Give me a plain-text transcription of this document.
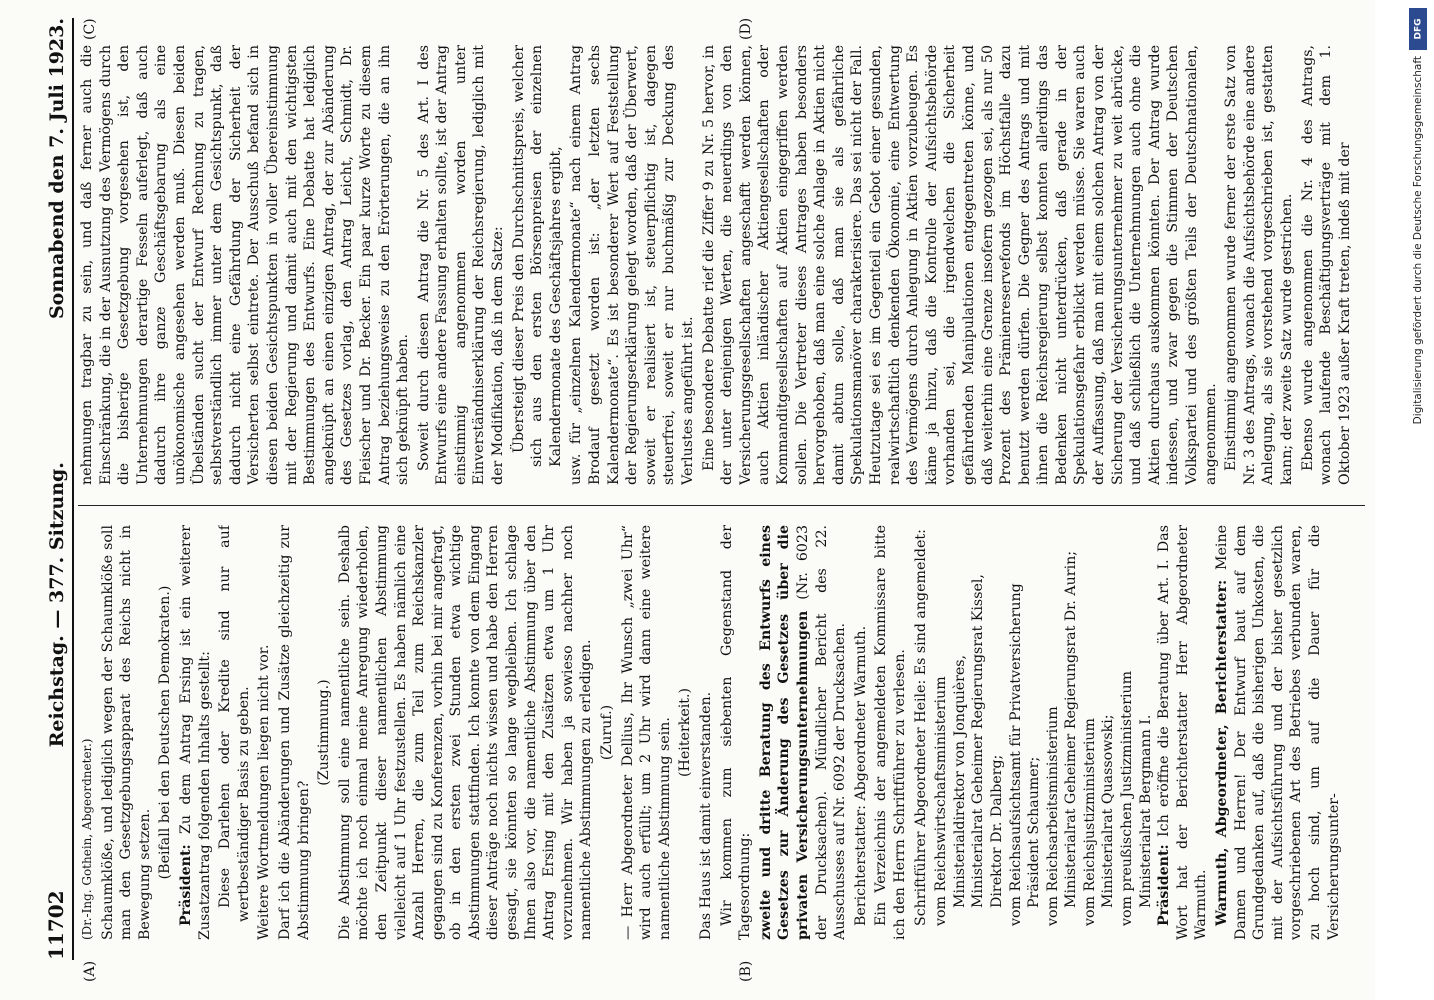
11702
Reichstag. — 377. Sitzung.
Sonnabend den 7. Juli 1923.
(A)	(B)
(C)	(D)

(Dr.-Ing. Gothein, Abgeordneter.) Schaumklöße, und lediglich wegen der Schaumklöße soll man den Gesetzgebungsapparat des Reichs nicht in Bewegung setzen. (Beifall bei den Deutschen Demokraten.)

Präsident: Zu dem Antrag Ersing ist ein weiterer Zusatzantrag folgenden Inhalts gestellt: Diese Darlehen oder Kredite sind nur auf wertbeständiger Basis zu geben. Weitere Wortmeldungen liegen nicht vor. Darf ich die Abänderungen und Zusätze gleichzeitig zur Abstimmung bringen?

(Zustimmung.) Die Abstimmung soll eine namentliche sein. Deshalb möchte ich noch einmal meine Anregung wiederholen, den Zeitpunkt dieser namentlichen Abstimmung vielleicht auf 1 Uhr festzustellen. Es haben nämlich eine Anzahl Herren, die zum Teil zum Reichskanzler gegangen sind zu Konferenzen, vorhin bei mir angefragt, ob in den ersten zwei Stunden etwa wichtige Abstimmungen stattfinden. Ich konnte von dem Eingang dieser Anträge noch nichts wissen und habe den Herren gesagt, sie könnten so lange wegbleiben. Ich schlage Ihnen also vor, die namentliche Abstimmung über den Antrag Ersing mit den Zusätzen etwa um 1 Uhr vorzunehmen. Wir haben ja sowieso nachher noch namentliche Abstimmungen zu erledigen. (Zuruf.) — Herr Abgeordneter Dellius, Ihr Wunsch „zwei Uhr“ wird auch erfüllt; um 2 Uhr wird dann eine weitere namentliche Abstimmung sein. (Heiterkeit.) Das Haus ist damit einverstanden. Wir kommen zum siebenten Gegenstand der Tagesordnung: zweite und dritte Beratung des Entwurfs eines Gesetzes zur Änderung des Gesetzes über die privaten Versicherungsunternehmungen (Nr. 6023 der Drucksachen). Mündlicher Bericht des 22. Ausschusses auf Nr. 6092 der Drucksachen. Berichterstatter: Abgeordneter Warmuth. Ein Verzeichnis der angemeldeten Kommissare bitte ich den Herrn Schriftführer zu verlesen. Schriftführer Abgeordneter Heile: Es sind angemeldet: vom Reichswirtschaftsministerium Ministerialdirektor von Jonquières, Ministerialrat Geheimer Regierungsrat Kissel, Direktor Dr. Dalberg; vom Reichsaufsichtsamt für Privatversicherung Präsident Schaumer; vom Reichsarbeitsministerium Ministerialrat Geheimer Regierungsrat Dr. Aurin; vom Reichsjustizministerium Ministerialrat Quassowski; vom preußischen Justizministerium Ministerialrat Bergmann I. Präsident: Ich eröffne die Beratung über Art. I. Das Wort hat der Berichterstatter Herr Abgeordneter Warmuth. Warmuth, Abgeordneter, Berichterstatter: Meine Damen und Herren! Der Entwurf baut auf dem Grundgedanken auf, daß die bisherigen Unkosten, die mit der Aufsichtsführung und der bisher gesetzlich vorgeschriebenen Art des Betriebes verbunden waren, zu hoch sind, um auf die Dauer für die Versicherungsunter-

nehmungen tragbar zu sein, und daß ferner auch die Einschränkung, die in der Ausnutzung des Vermögens durch die bisherige Gesetzgebung vorgesehen ist, den Unternehmungen derartige Fesseln auferlegt, daß auch dadurch ihre ganze Geschäftsgebarung als eine unökonomische angesehen werden muß. Diesen beiden Übelständen sucht der Entwurf Rechnung zu tragen, selbstverständlich immer unter dem Gesichtspunkt, daß dadurch nicht eine Gefährdung der Sicherheit der Versicherten selbst eintrete. Der Ausschuß befand sich in diesen beiden Gesichtspunkten in voller Übereinstimmung mit der Regierung und damit auch mit den wichtigsten Bestimmungen des Entwurfs. Eine Debatte hat lediglich angeknüpft an einen einzigen Antrag, der zur Abänderung des Gesetzes vorlag, den Antrag Leicht, Schmidt, Dr. Fleischer und Dr. Becker. Ein paar kurze Worte zu diesem Antrag beziehungsweise zu den Erörterungen, die an ihn sich geknüpft haben. Soweit durch diesen Antrag die Nr. 5 des Art. I des Entwurfs eine andere Fassung erhalten sollte, ist der Antrag einstimmig angenommen worden unter Einverständniserklärung der Reichsregierung, lediglich mit der Modifikation, daß in dem Satze: Übersteigt dieser Preis den Durchschnittspreis, welcher sich aus den ersten Börsenpreisen der einzelnen Kalendermonate des Geschäftsjahres ergibt, usw. für „einzelnen Kalendermonate“ nach einem Antrag Brodauf gesetzt worden ist: „der letzten sechs Kalendermonate“. Es ist besonderer Wert auf Feststellung der Regierungserklärung gelegt worden, daß der Überwert, soweit er realisiert ist, steuerpflichtig ist, dagegen steuerfrei, soweit er nur buchmäßig zur Deckung des Verlustes angeführt ist. Eine besondere Debatte rief die Ziffer 9 zu Nr. 5 hervor, in der unter denjenigen Werten, die neuerdings von den Versicherungsgesellschaften angeschafft werden können, auch Aktien inländischer Aktiengesellschaften oder Kommanditgesellschaften auf Aktien eingegriffen werden sollen. Die Vertreter dieses Antrages haben besonders hervorgehoben, daß man eine solche Anlage in Aktien nicht damit abtun solle, daß man sie als gefährliche Spekulationsmanöver charakterisiere. Das sei nicht der Fall. Heutzutage sei es im Gegenteil ein Gebot einer gesunden, realwirtschaftlich denkenden Ökonomie, eine Entwertung des Vermögens durch Anlegung in Aktien vorzubeugen. Es käme ja hinzu, daß die Kontrolle der Aufsichtsbehörde vorhanden sei, die irgendwelchen die Sicherheit gefährdenden Manipulationen entgegentreten könne, und daß weiterhin eine Grenze insofern gezogen sei, als nur 50 Prozent des Prämienreservefonds im Höchstfalle dazu benutzt werden dürfen. Die Gegner des Antrags und mit ihnen die Reichsregierung selbst konnten allerdings das Bedenken nicht unterdrücken, daß gerade in der Spekulationsgefahr erblickt werden müsse. Sie waren auch der Auffassung, daß man mit einem solchen Antrag von der Sicherung der Versicherungsunternehmer zu weit abrücke, und daß schließlich die Unternehmungen auch ohne die Aktien durchaus auskommen könnten. Der Antrag wurde indessen, und zwar gegen die Stimmen der Deutschen Volkspartei und des größten Teils der Deutschnationalen, angenommen. Einstimmig angenommen wurde ferner der erste Satz von Nr. 3 des Antrags, wonach die Aufsichtsbehörde eine andere Anlegung, als sie vorstehend vorgeschrieben ist, gestatten kann; der zweite Satz wurde gestrichen. Ebenso wurde angenommen die Nr. 4 des Antrags, wonach laufende Beschäftigungsverträge mit dem 1. Oktober 1923 außer Kraft treten, indeß mit der

DFG
Digitalisierung gefördert durch die Deutsche Forschungsgemeinschaft
